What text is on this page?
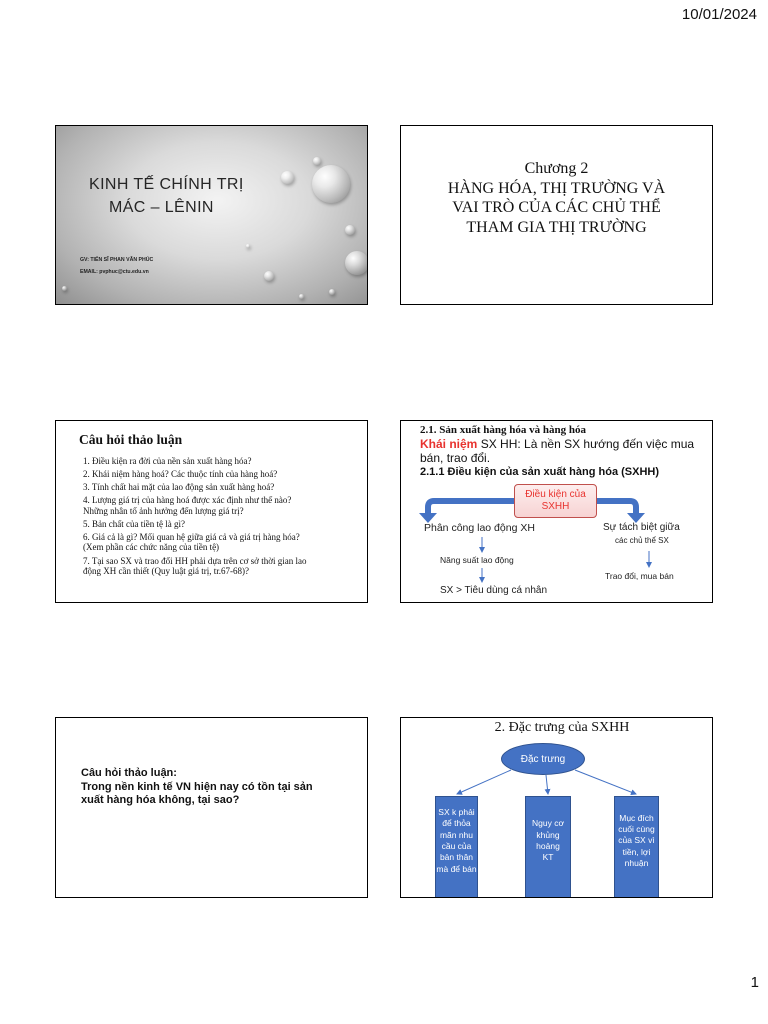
10/01/2024
KINH TẾ CHÍNH TRỊ
MÁC – LÊNIN
GV: TIẾN SĨ PHAN VĂN PHÚC
EMAIL: pvphuc@ctu.edu.vn
Chương 2
HÀNG HÓA, THỊ TRƯỜNG VÀ
VAI TRÒ CỦA CÁC CHỦ THỂ
THAM GIA THỊ TRƯỜNG
Câu hỏi thảo luận
1. Điều kiện ra đời của nền sản xuất hàng hóa?
2. Khái niệm hàng hoá? Các thuộc tính của hàng hoá?
3. Tính chất hai mặt của lao động sản xuất hàng hoá?
4. Lượng giá trị của hàng hoá được xác định như thế nào?
Những nhân tố ảnh hưởng đến lượng giá trị?
5. Bản chất của tiền tệ là gì?
6. Giá cả là gì? Mối quan hệ giữa giá cả và giá trị hàng hóa?
(Xem phần các chức năng của tiền tệ)
7. Tại sao SX và trao đổi HH phải dựa trên cơ sở thời gian lao
động XH cần thiết (Quy luật giá trị, tr.67-68)?
2.1. Sản xuất hàng hóa và hàng hóa
Khái niệm SX HH: Là nền SX hướng đến việc mua
bán, trao đổi.
2.1.1 Điều kiện của sản xuất hàng hóa (SXHH)
Điều kiện của
SXHH
Phân công lao động XH
Năng suất lao động
SX > Tiêu dùng cá nhân
Sự tách biệt giữa
các chủ thể SX
Trao đổi, mua bán
Câu hỏi thảo luận:
Trong nền kinh tế VN hiện nay có tồn tại sản
xuất hàng hóa không, tại sao?
2. Đặc trưng của SXHH
Đặc trưng
SX k phải
để thỏa
mãn nhu
cầu của
bản thân
mà để bán
Nguy cơ
khủng
hoảng
KT
Mục đích
cuối cùng
của SX vì
tiền, lợi
nhuận
1
